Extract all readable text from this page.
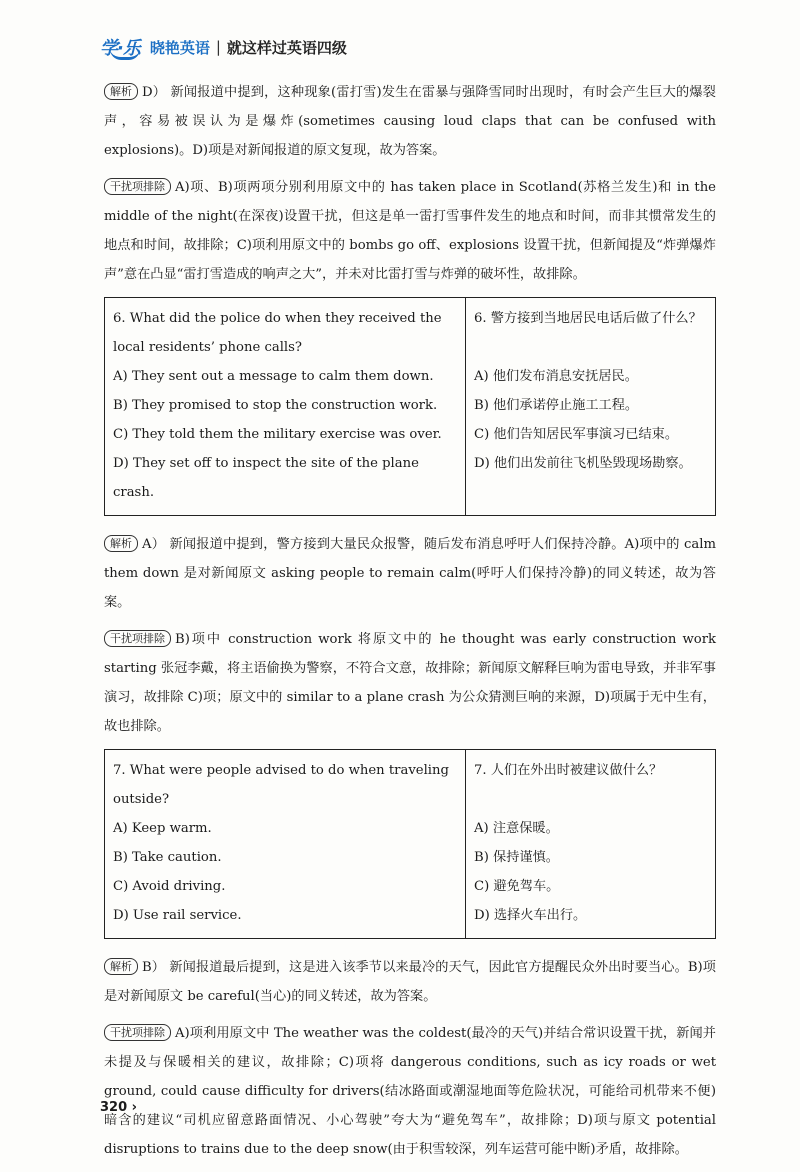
学·乐 晓艳英语 | 就这样过英语四级

解析 D） 新闻报道中提到，这种现象(雷打雪)发生在雷暴与强降雪同时出现时，有时会产生巨大的爆裂声，容易被误认为是爆炸(sometimes causing loud claps that can be confused with explosions)。D)项是对新闻报道的原文复现，故为答案。

干扰项排除 A)项、B)项两项分别利用原文中的 has taken place in Scotland(苏格兰发生)和 in the middle of the night(在深夜)设置干扰，但这是单一雷打雪事件发生的地点和时间，而非其惯常发生的地点和时间，故排除；C)项利用原文中的 bombs go off、explosions 设置干扰，但新闻提及“炸弹爆炸声”意在凸显“雷打雪造成的响声之大”，并未对比雷打雪与炸弹的破坏性，故排除。

6. What did the police do when they received the local residents’ phone calls?
A) They sent out a message to calm them down.
B) They promised to stop the construction work.
C) They told them the military exercise was over.
D) They set off to inspect the site of the plane crash.

6. 警方接到当地居民电话后做了什么？

A) 他们发布消息安抚居民。
B) 他们承诺停止施工工程。
C) 他们告知居民军事演习已结束。
D) 他们出发前往飞机坠毁现场勘察。

解析 A） 新闻报道中提到，警方接到大量民众报警，随后发布消息呼吁人们保持冷静。A)项中的 calm them down 是对新闻原文 asking people to remain calm(呼吁人们保持冷静)的同义转述，故为答案。

干扰项排除 B)项中 construction work 将原文中的 he thought was early construction work starting 张冠李戴，将主语偷换为警察，不符合文意，故排除；新闻原文解释巨响为雷电导致，并非军事演习，故排除 C)项；原文中的 similar to a plane crash 为公众猜测巨响的来源，D)项属于无中生有，故也排除。

7. What were people advised to do when traveling outside?
A) Keep warm.
B) Take caution.
C) Avoid driving.
D) Use rail service.

7. 人们在外出时被建议做什么？

A) 注意保暖。
B) 保持谨慎。
C) 避免驾车。
D) 选择火车出行。

解析 B） 新闻报道最后提到，这是进入该季节以来最冷的天气，因此官方提醒民众外出时要当心。B)项是对新闻原文 be careful(当心)的同义转述，故为答案。

干扰项排除 A)项利用原文中 The weather was the coldest(最冷的天气)并结合常识设置干扰，新闻并未提及与保暖相关的建议，故排除；C)项将 dangerous conditions, such as icy roads or wet ground, could cause difficulty for drivers(结冰路面或潮湿地面等危险状况，可能给司机带来不便)暗含的建议“司机应留意路面情况、小心驾驶”夸大为“避免驾车”，故排除；D)项与原文 potential disruptions to trains due to the deep snow(由于积雪较深，列车运营可能中断)矛盾，故排除。

320 ›
